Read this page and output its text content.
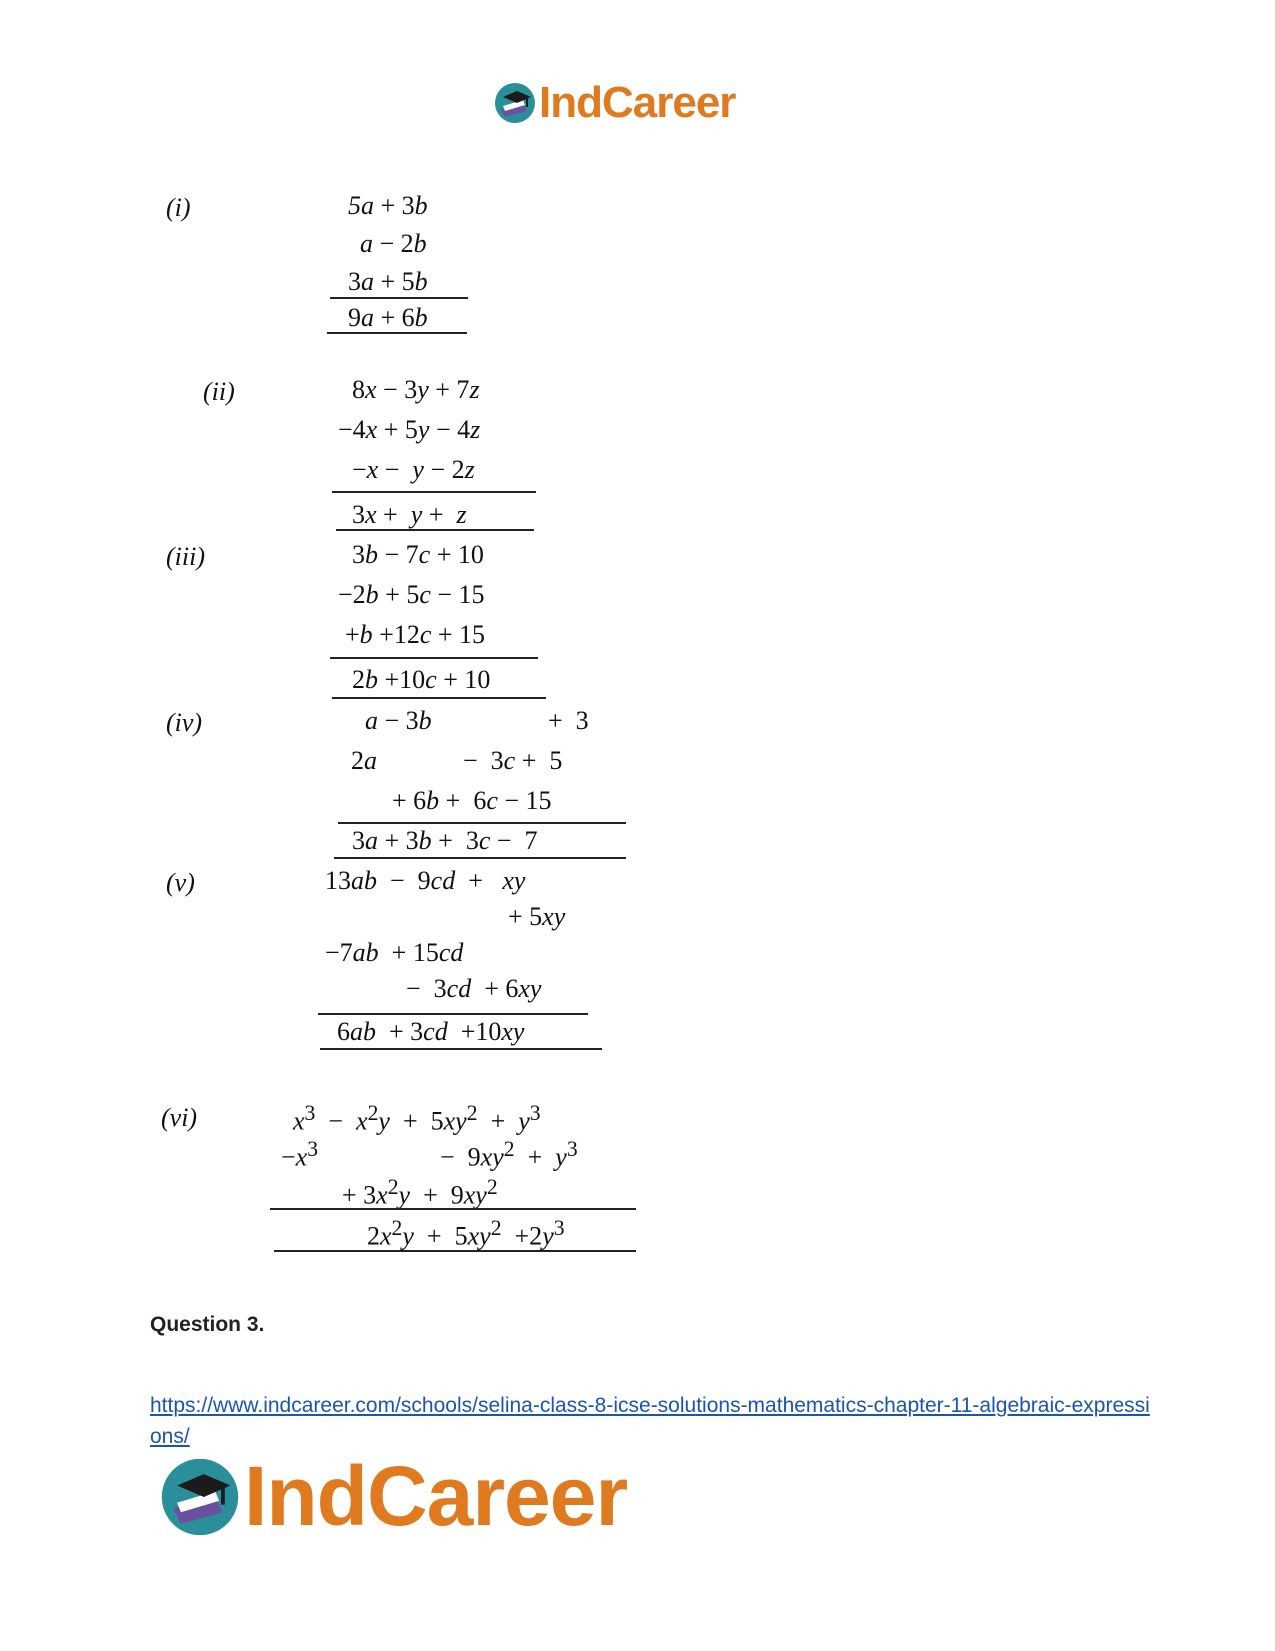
IndCareer
(i)	5a + 3b
a − 2b
3a + 5b
9a + 6b
(ii)	8x − 3y + 7z
−4x + 5y − 4z
−x −  y − 2z
3x +  y +  z
(iii)	3b − 7c + 10
−2b + 5c − 15
+b +12c + 15
2b +10c + 10
(iv)	a − 3b	+  3
2a	−  3c +  5
+ 6b +  6c − 15
3a + 3b +  3c −  7
(v)	13ab  −  9cd  +   xy
+ 5xy
−7ab  + 15cd
−  3cd  + 6xy
6ab  + 3cd  +10xy
(vi)	$x^3 - x^2y + 5xy^2 + y^3$
$-x^3$	−  $9xy^2 + y^3$
+ $3x^2y + 9xy^2$
$2x^2y + 5xy^2 +2y^3$
Question 3.
https://www.indcareer.com/schools/selina-class-8-icse-solutions-mathematics-chapter-11-algebraic-expressions/
IndCareer
